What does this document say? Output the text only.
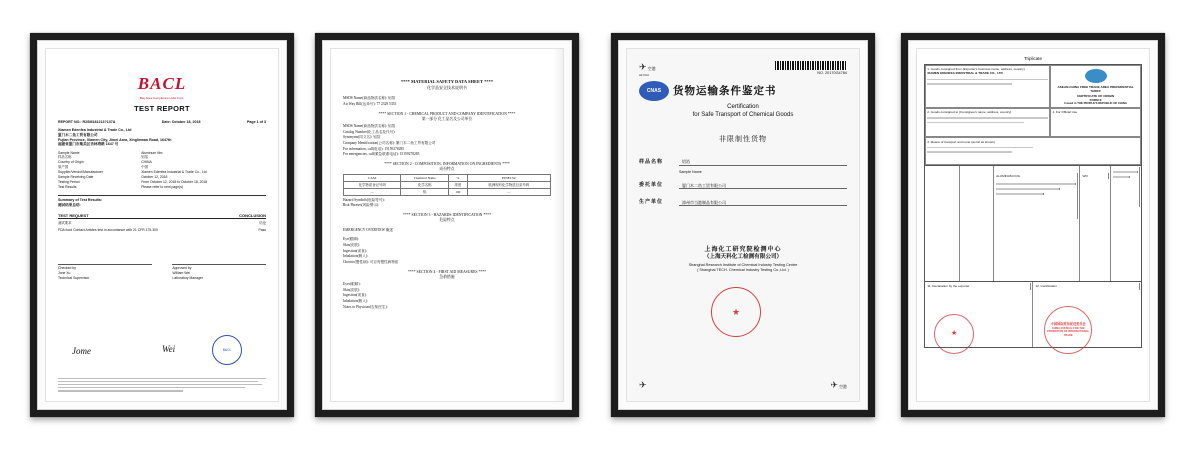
BACL
Bay Area Compliance Labs Corp.
TEST REPORT
REPORT NO.: R2SM181213?137A	Date: October 18, 2018	Page 1 of 3
Xiamen Edenfea Industrial & Trade Co., Ltd
厦门木二鱼工贸有限公司
Fujian Province, Xiamen City, Jimei Area, Xinglinwan Road, 1647th
福建省厦门市集美区杏林湾路 1647 号
Sample Name	Aluminum film
样品名称	铝箔
Country of Origin	CHINA
原产国	中国
Supplier/Vendor/Manufacturer	Xiamen Edenfea Industrial & Trade Co., Ltd
Sample Receiving Date	October 12, 2018
Testing Period	From October 12, 2018 to October 18, 2018
Test Results	Please refer to next page(s)
Summary of Test Results:
测试结果总结:
TEST REQUEST	CONCLUSION
测试要求	结论
FDA food Contact Articles test in accordance with 21 CFR 175.300	Pass
Jome	Wei	BACL
Checked by
Jone Xu
Technical Supervisor
Approved by
William Wei
Laboratory Manager
**** MATERIAL SAFETY DATA SHEET ****
化学品安全技术说明书
MSDS Name(商品物质名称): 铝箔
Air Way Bill(运单号): 77 2329 5353
**** SECTION 1 - CHEMICAL PRODUCT AND COMPANY IDENTIFICATION ****
第一部分 化工品名及公司单位
MSDS Name(商品物质名称): 铝箔
Catalog Number(化工品名及代号):
Synonyms(同义名): 铝箔
Company Identification(公司名称): 厦门木二鱼工贸有限公司
For information, call(电话): 15159278285
For emergencies, call(紧急联系电话): 15159278285
**** SECTION 2 - COMPOSITION, INFORMATION ON INGREDIENTS ****
成份特点
CAS#	Chemical Name	%	EINECS#
化学物质登记号码	化学名称	浓度	欧洲现有化学物质目录号码
—	铝	100	—
Hazard Symbols(危险符号):
Risk Phrases(风险警示):
**** SECTION 3 - HAZARDS IDENTIFICATION ****
危险特点
EMERGENCY OVERVIEW 概述
Eye(眼睛):
Skin(皮肤):
Ingestion(误食):
Inhalation(吸入):
Chronic(慢性病): 可否有慢性病特质
**** SECTION 4 - FIRST AID MEASURES ****
急救措施
Eyes(眼睛):
Skin(皮肤):
Ingestion(误食):
Inhalation(吸入):
Notes to Physician(告知医生):
✈ 空港
Air Port
NO. 20170G4784
CNAS	货物运输条件鉴定书
Certification
for Safe Transport of Chemical Goods
非限制性货物
样品名称	铝箔
Sample Name
委托单位	厦门木二鱼工贸有限公司
生产单位	漳州市当港制品有限公司
★
上海化工研究院检测中心
（上海天科化工检测有限公司）
Shanghai Research Institute of Chemical Industry Testing Centre
( Shanghai TECH. Chemical Industry Testing Co.,Ltd. )
✈ 空港
✈
Triplicate
1. Goods consigned from (Exporter's business name, address, country)
XIAMEN EDENFEA INDUSTRIAL & TRADE CO., LTD
ASEAN-CHINA FREE TRADE AREA PREFERENTIAL TARIFF
CERTIFICATE OF ORIGIN
FORM E
Issued in THE PEOPLE'S REPUBLIC OF CHINA
2. Goods consigned to (Consignee's name, address, country)	4. For Official Use
3. Means of transport and route (as far as known)
ALUMINUM FOIL	WO
11. Declaration by the exporter
★
12. Certification
中国国际贸易促进委员会
CHINA COUNCIL FOR THE PROMOTION OF INTERNATIONAL TRADE
